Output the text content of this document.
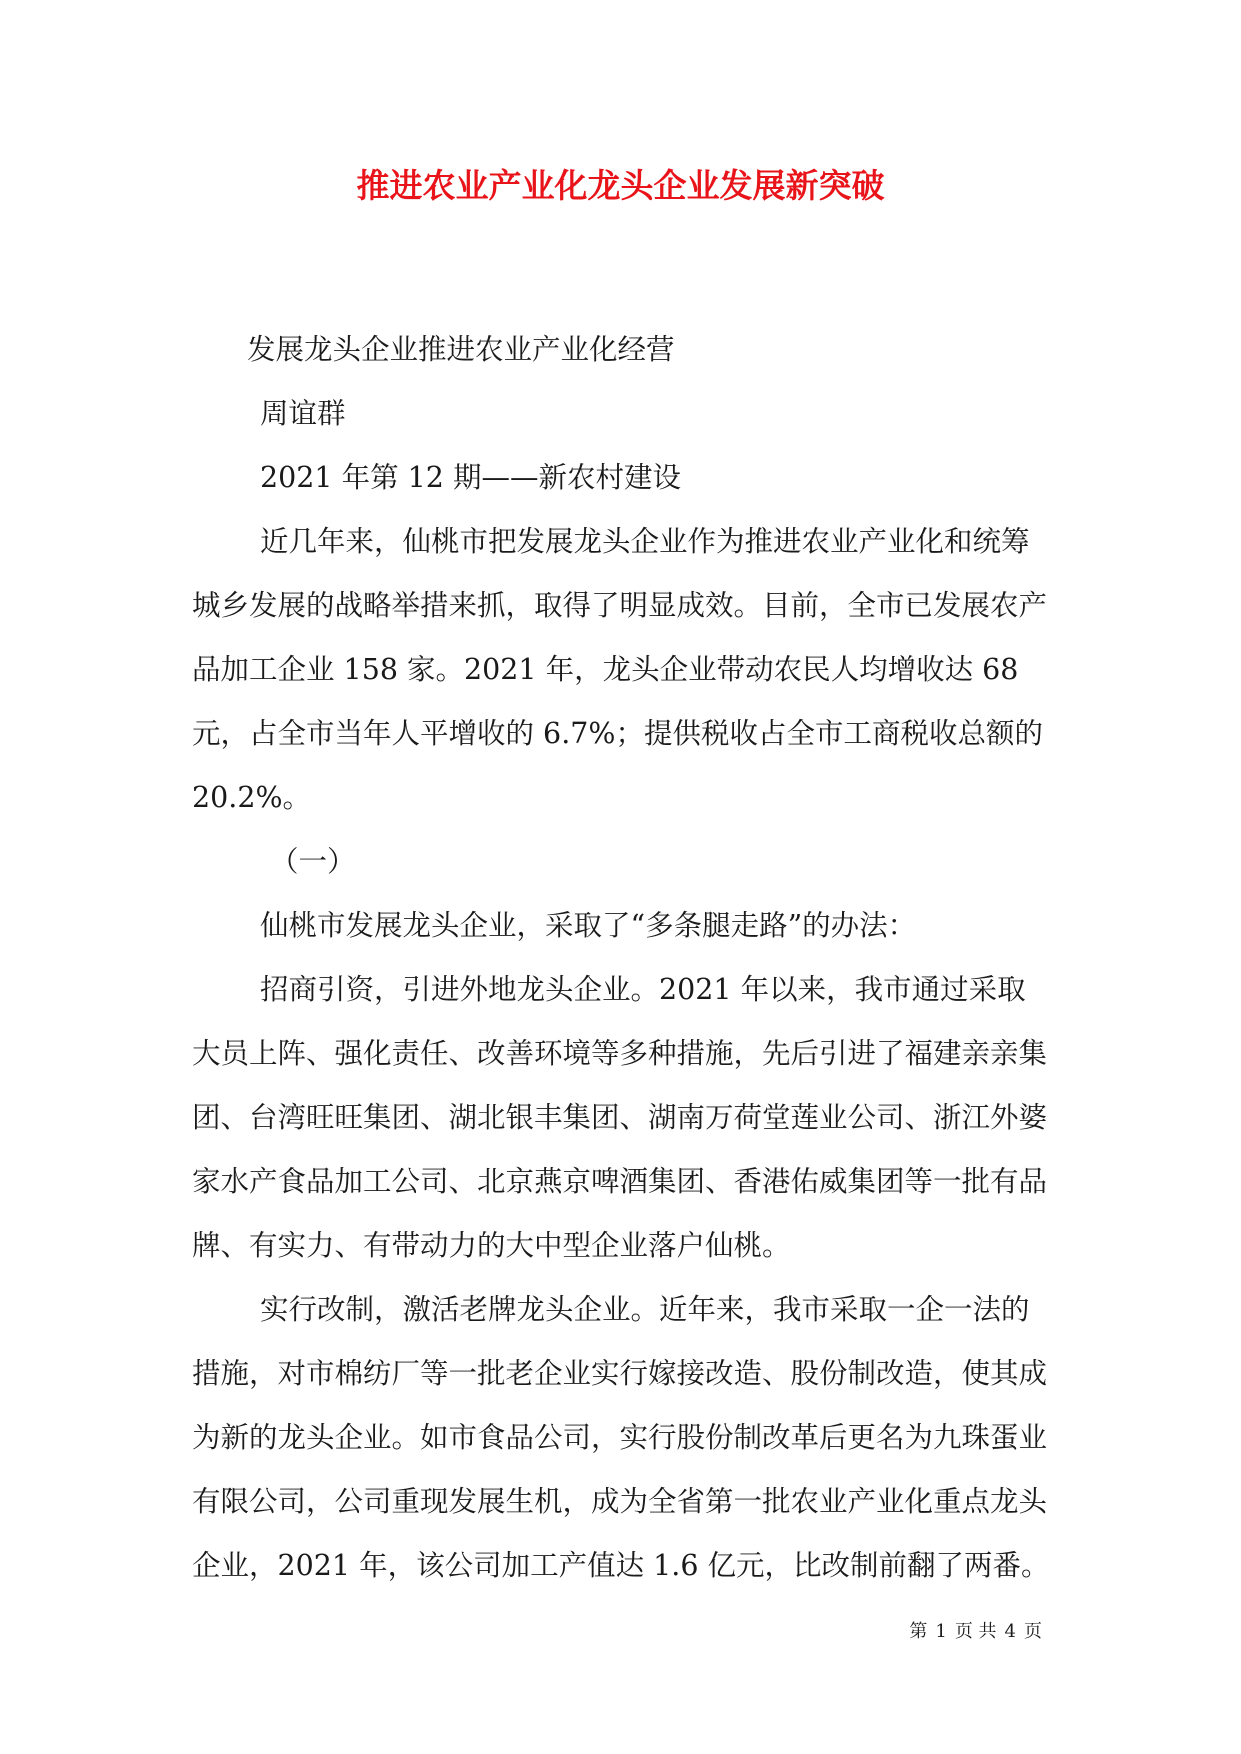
推进农业产业化龙头企业发展新突破

发展龙头企业推进农业产业化经营

周谊群

2021 年第 12 期——新农村建设

近几年来，仙桃市把发展龙头企业作为推进农业产业化和统筹城乡发展的战略举措来抓，取得了明显成效。目前，全市已发展农产品加工企业 158 家。2021 年，龙头企业带动农民人均增收达 68 元，占全市当年人平增收的 6.7%；提供税收占全市工商税收总额的 20.2%。

（一）

仙桃市发展龙头企业，采取了“多条腿走路”的办法：

招商引资，引进外地龙头企业。2021 年以来，我市通过采取大员上阵、强化责任、改善环境等多种措施，先后引进了福建亲亲集团、台湾旺旺集团、湖北银丰集团、湖南万荷堂莲业公司、浙江外婆家水产食品加工公司、北京燕京啤酒集团、香港佑威集团等一批有品牌、有实力、有带动力的大中型企业落户仙桃。

实行改制，激活老牌龙头企业。近年来，我市采取一企一法的措施，对市棉纺厂等一批老企业实行嫁接改造、股份制改造，使其成为新的龙头企业。如市食品公司，实行股份制改革后更名为九珠蛋业有限公司，公司重现发展生机，成为全省第一批农业产业化重点龙头企业，2021 年，该公司加工产值达 1.6 亿元，比改制前翻了两番。

第 1 页 共 4 页
